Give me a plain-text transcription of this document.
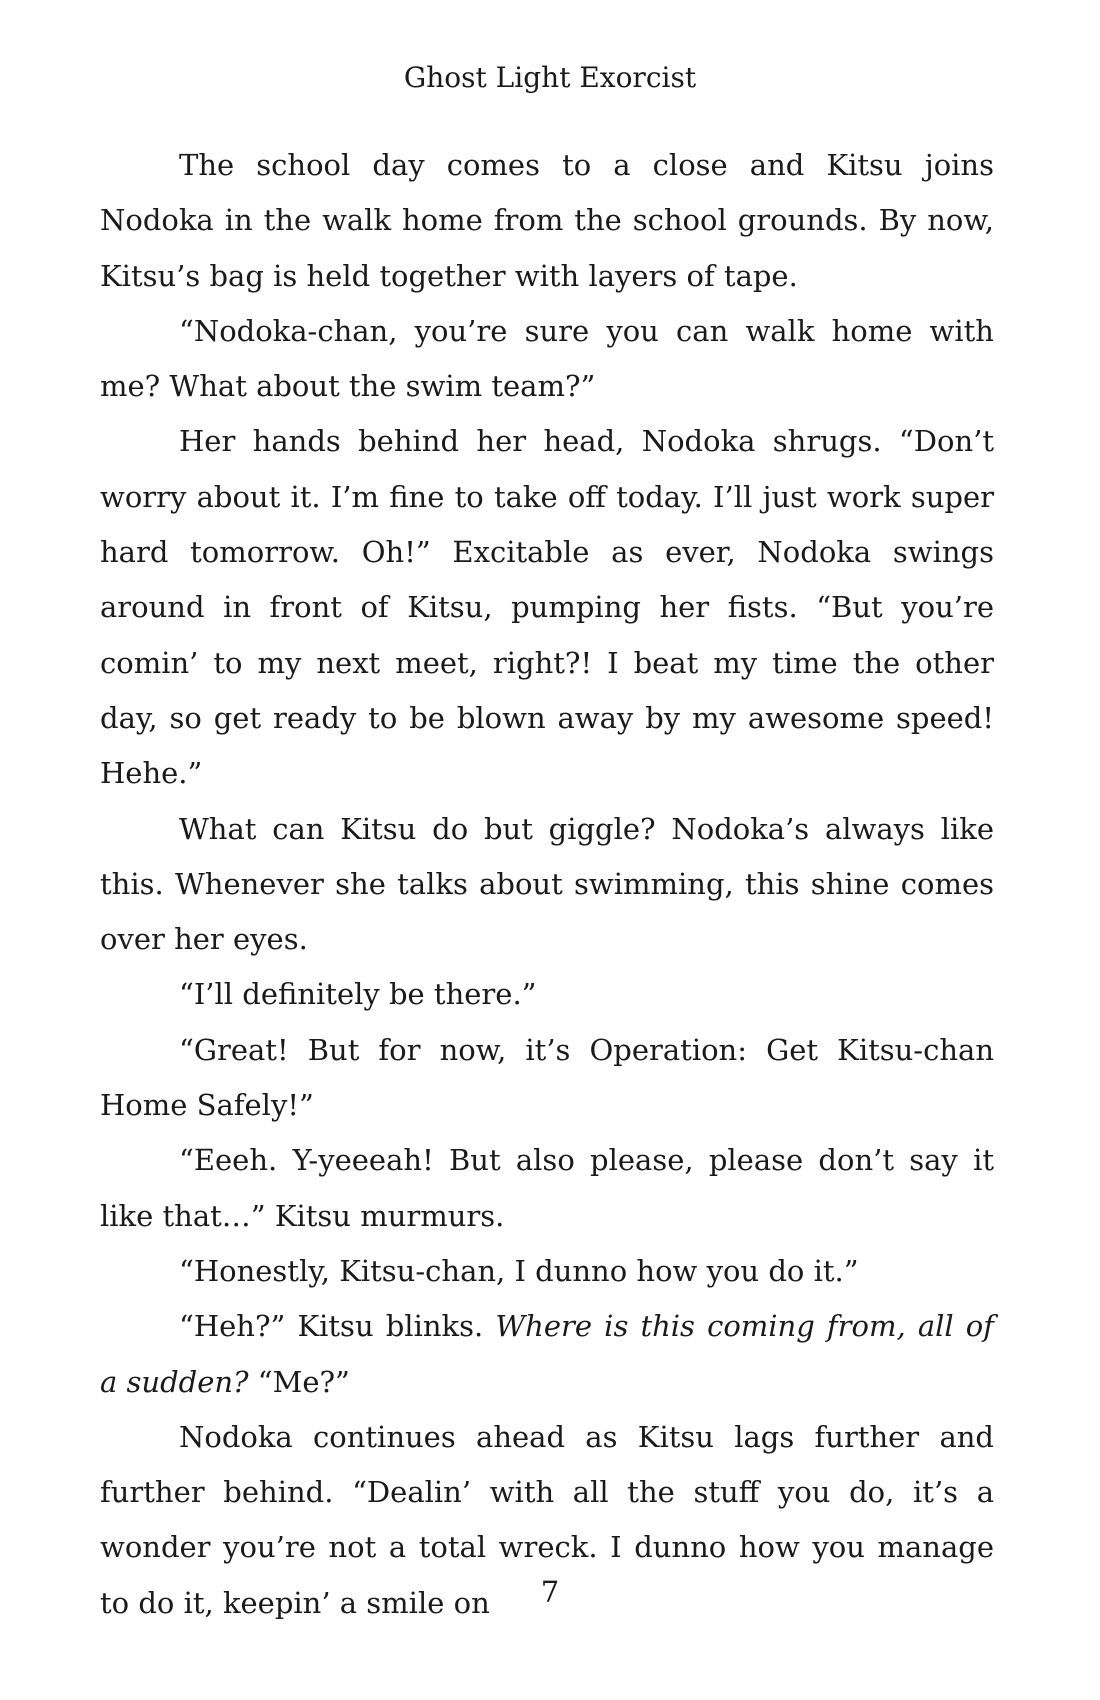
Ghost Light Exorcist

The school day comes to a close and Kitsu joins Nodoka in the walk home from the school grounds. By now, Kitsu’s bag is held together with layers of tape.

“Nodoka-chan, you’re sure you can walk home with me? What about the swim team?”

Her hands behind her head, Nodoka shrugs. “Don’t worry about it. I’m fine to take off today. I’ll just work super hard tomorrow. Oh!” Excitable as ever, Nodoka swings around in front of Kitsu, pumping her fists. “But you’re comin’ to my next meet, right?! I beat my time the other day, so get ready to be blown away by my awesome speed! Hehe.”

What can Kitsu do but giggle? Nodoka’s always like this. Whenever she talks about swimming, this shine comes over her eyes.

“I’ll definitely be there.”

“Great! But for now, it’s Operation: Get Kitsu-chan Home Safely!”

“Eeeh. Y-yeeeah! But also please, please don’t say it like that…” Kitsu murmurs.

“Honestly, Kitsu-chan, I dunno how you do it.”

“Heh?” Kitsu blinks. Where is this coming from, all of a sudden? “Me?”

Nodoka continues ahead as Kitsu lags further and further behind. “Dealin’ with all the stuff you do, it’s a wonder you’re not a total wreck. I dunno how you manage to do it, keepin’ a smile on	7
